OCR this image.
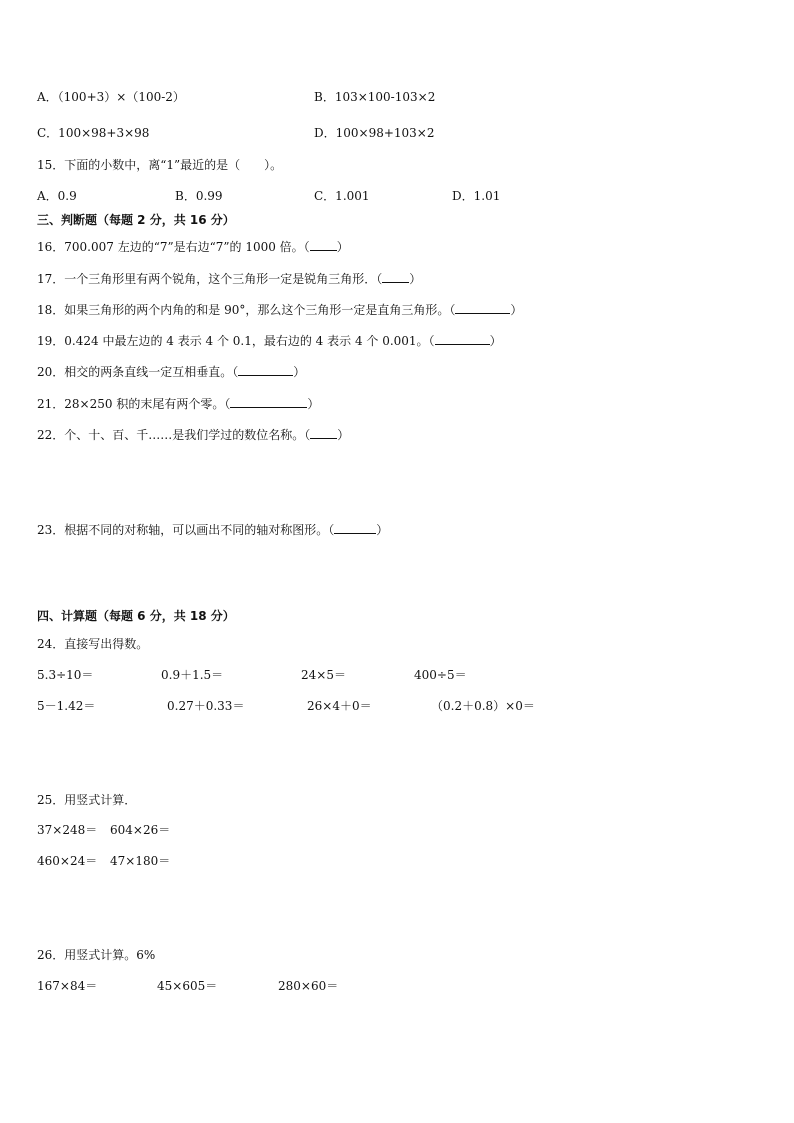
A．（100+3）×（100-2）	B．103×100-103×2
C．100×98+3×98	D．100×98+103×2
15．下面的小数中，离“1”最近的是（　　）。
A．0.9	B．0.99	C．1.001	D．1.01
三、判断题（每题 2 分，共 16 分）
16．700.007 左边的“7”是右边“7”的 1000 倍。（ ）
17．一个三角形里有两个锐角，这个三角形一定是锐角三角形．（ ）
18．如果三角形的两个内角的和是 90°，那么这个三角形一定是直角三角形。（	）
19．0.424 中最左边的 4 表示 4 个 0.1，最右边的 4 表示 4 个 0.001。（	）
20．相交的两条直线一定互相垂直。（	）
21．28×250 积的末尾有两个零。（	）
22．个、十、百、千……是我们学过的数位名称。（ ）
23．根据不同的对称轴，可以画出不同的轴对称图形。（	）
四、计算题（每题 6 分，共 18 分）
24．直接写出得数。
5.3÷10＝	0.9＋1.5＝	24×5＝	400÷5＝
5－1.42＝	0.27＋0.33＝	26×4＋0＝	（0.2＋0.8）×0＝
25．用竖式计算．
37×248＝ 604×26＝
460×24＝ 47×180＝
26．用竖式计算。6%
167×84＝	45×605＝	280×60＝
